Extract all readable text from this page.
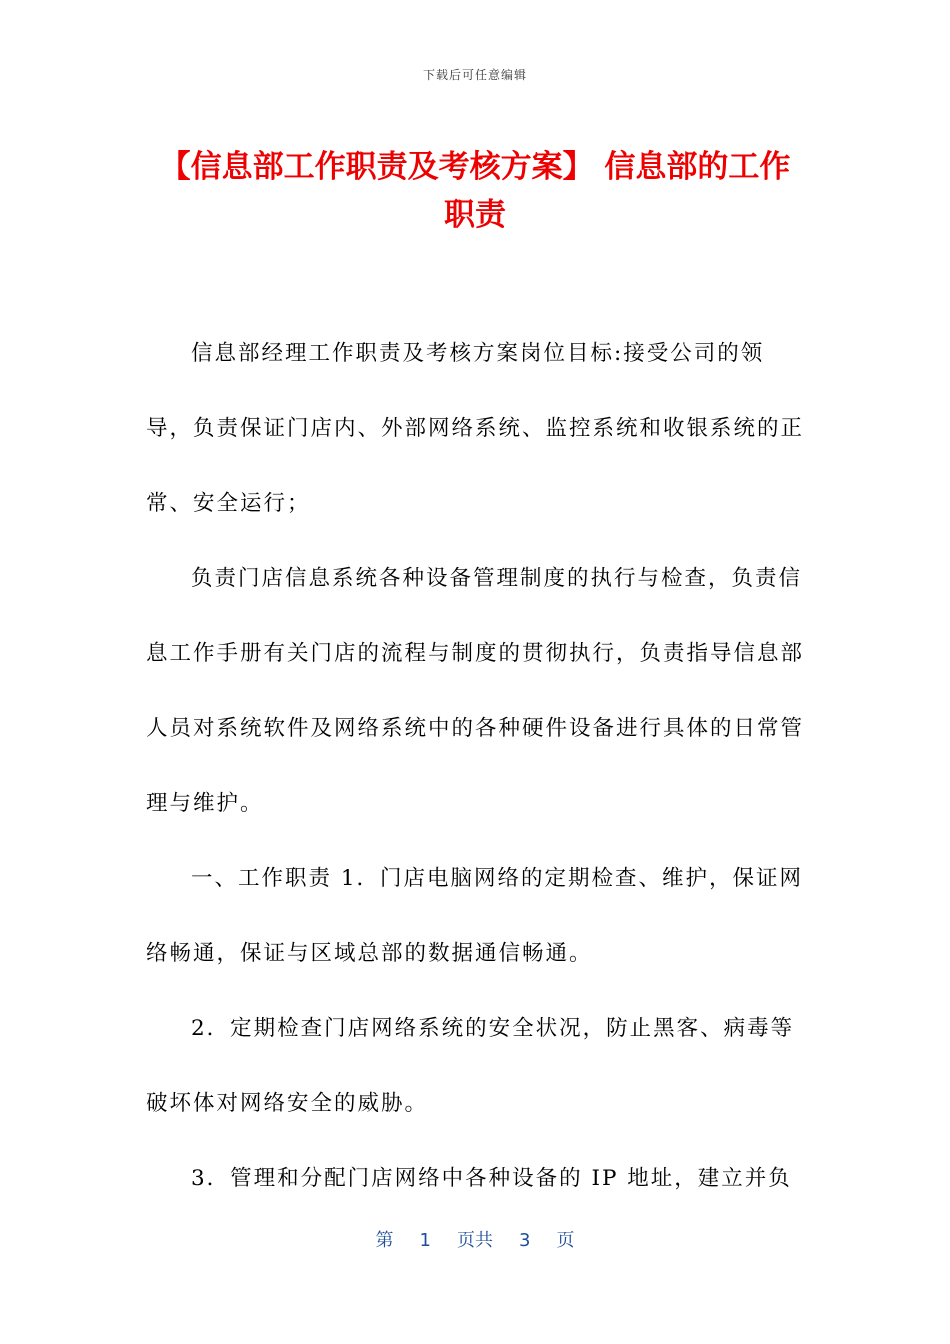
下载后可任意编辑
【信息部工作职责及考核方案】 信息部的工作职责

信息部经理工作职责及考核方案岗位目标:接受公司的领导，负责保证门店内、外部网络系统、监控系统和收银系统的正常、安全运行；

负责门店信息系统各种设备管理制度的执行与检查，负责信息工作手册有关门店的流程与制度的贯彻执行，负责指导信息部人员对系统软件及网络系统中的各种硬件设备进行具体的日常管理与维护。

一、工作职责 1．门店电脑网络的定期检查、维护，保证网络畅通，保证与区域总部的数据通信畅通。

2．定期检查门店网络系统的安全状况，防止黑客、病毒等破坏体对网络安全的威胁。

3．管理和分配门店网络中各种设备的 IP 地址，建立并负

第 1 页共 3 页
